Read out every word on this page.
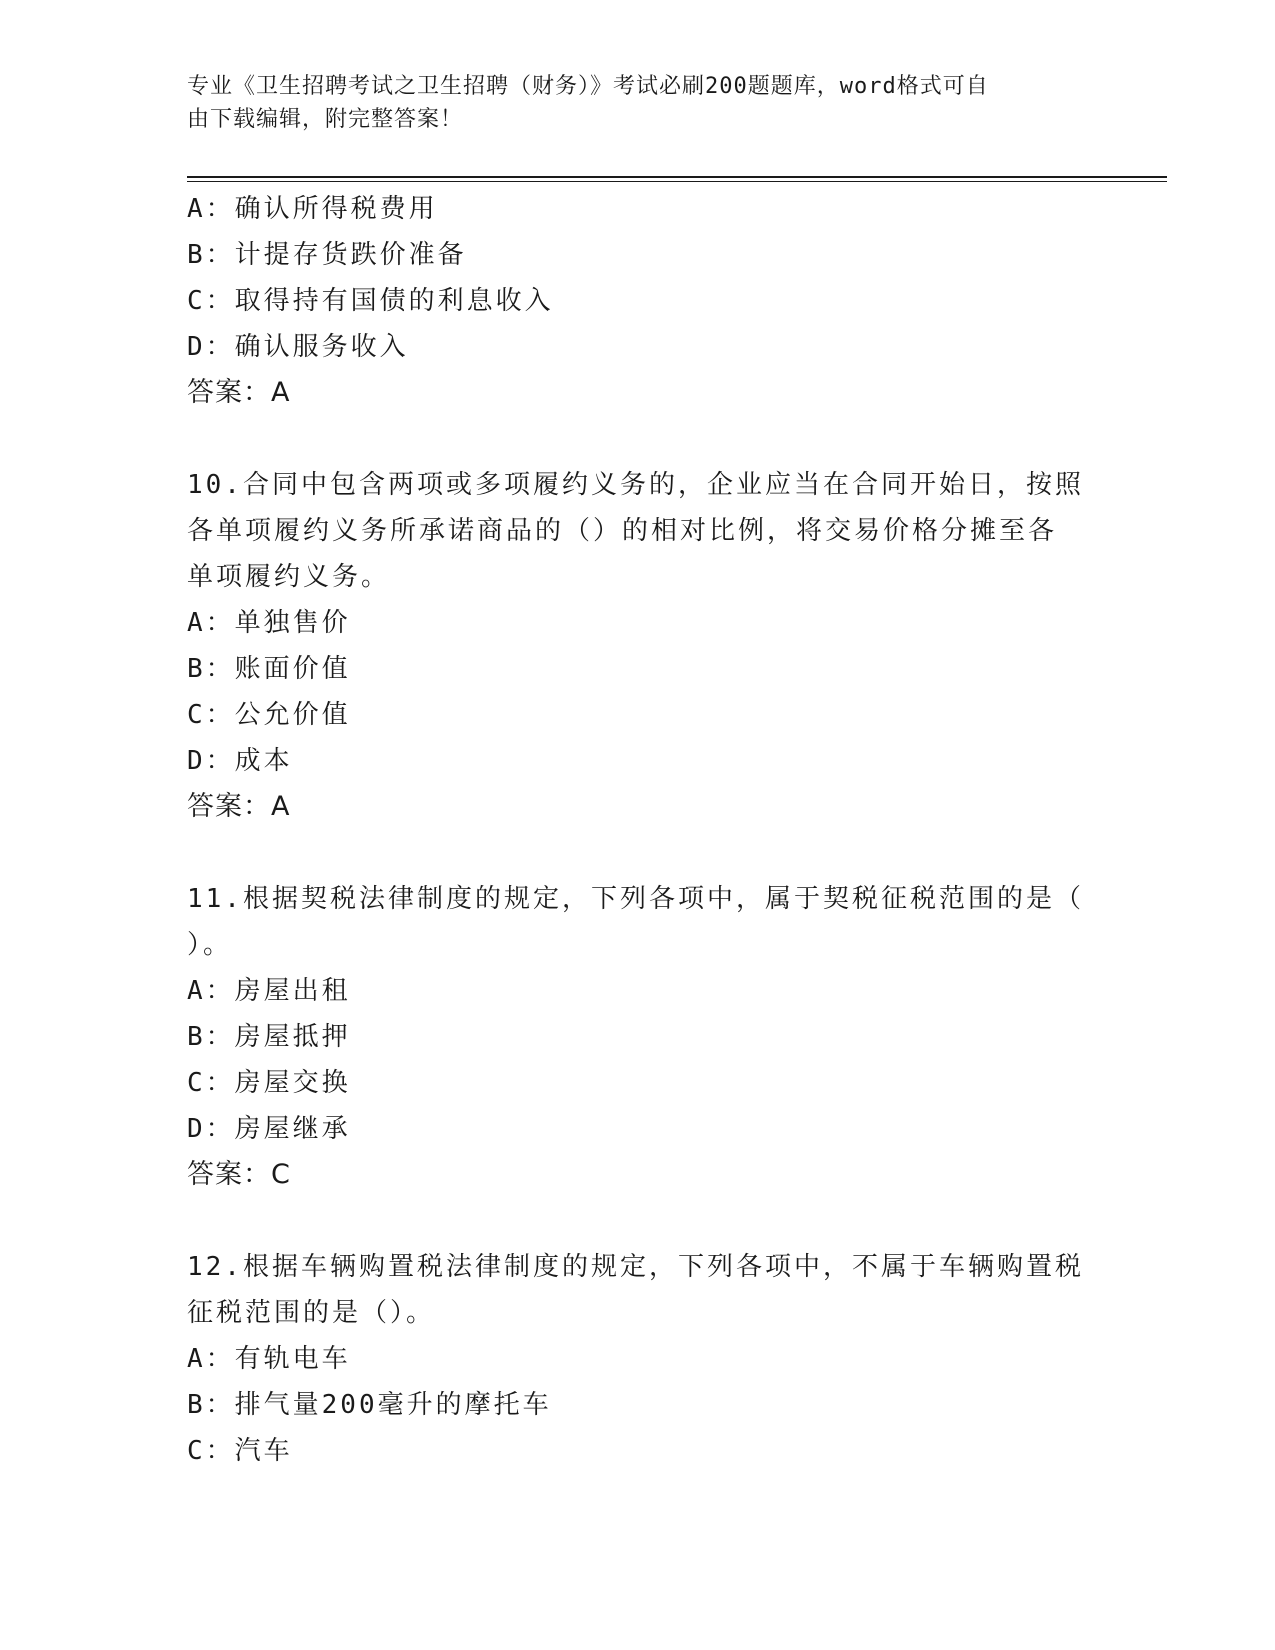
专业《卫生招聘考试之卫生招聘（财务）》考试必刷200题题库，word格式可自

由下载编辑，附完整答案！

A：确认所得税费用
B：计提存货跌价准备
C：取得持有国债的利息收入
D：确认服务收入
答案：A
10.合同中包含两项或多项履约义务的，企业应当在合同开始日，按照
各单项履约义务所承诺商品的（）的相对比例，将交易价格分摊至各
单项履约义务。
A：单独售价
B：账面价值
C：公允价值
D：成本
答案：A
11.根据契税法律制度的规定，下列各项中，属于契税征税范围的是（
）。
A：房屋出租
B：房屋抵押
C：房屋交换
D：房屋继承
答案：C
12.根据车辆购置税法律制度的规定，下列各项中，不属于车辆购置税
征税范围的是（）。
A：有轨电车
B：排气量200毫升的摩托车
C：汽车
